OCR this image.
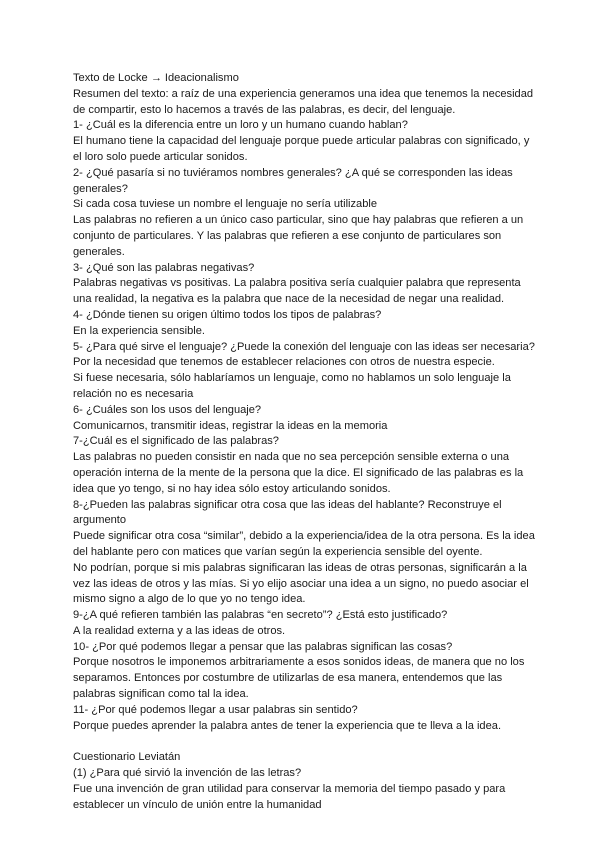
Texto de Locke → Ideacionalismo

Resumen del texto: a raíz de una experiencia generamos una idea que tenemos la necesidad de compartir, esto lo hacemos a través de las palabras, es decir, del lenguaje.

1- ¿Cuál es la diferencia entre un loro y un humano cuando hablan?

El humano tiene la capacidad del lenguaje porque puede articular palabras con significado, y el loro solo puede articular sonidos.

2- ¿Qué pasaría si no tuviéramos nombres generales? ¿A qué se corresponden las ideas generales?

Si cada cosa tuviese un nombre el lenguaje no sería utilizable

Las palabras no refieren a un único caso particular, sino que hay palabras que refieren a un conjunto de particulares. Y las palabras que refieren a ese conjunto de particulares son generales.

3- ¿Qué son las palabras negativas?

Palabras negativas vs positivas. La palabra positiva sería cualquier palabra que representa una realidad, la negativa es la palabra que nace de la necesidad de negar una realidad.

4- ¿Dónde tienen su origen último todos los tipos de palabras?

En la experiencia sensible.

5- ¿Para qué sirve el lenguaje? ¿Puede la conexión del lenguaje con las ideas ser necesaria?

Por la necesidad que tenemos de establecer relaciones con otros de nuestra especie.

Si fuese necesaria, sólo hablaríamos un lenguaje, como no hablamos un solo lenguaje la relación no es necesaria

6- ¿Cuáles son los usos del lenguaje?

Comunicarnos, transmitir ideas, registrar la ideas en la memoria

7-¿Cuál es el significado de las palabras?

Las palabras no pueden consistir en nada que no sea percepción sensible externa o una operación interna de la mente de la persona que la dice. El significado de las palabras es la idea que yo tengo, si no hay idea sólo estoy articulando sonidos.

8-¿Pueden las palabras significar otra cosa que las ideas del hablante? Reconstruye el argumento

Puede significar otra cosa “similar”, debido a la experiencia/idea de la otra persona. Es la idea del hablante pero con matices que varían según la experiencia sensible del oyente.

No podrían, porque si mis palabras significaran las ideas de otras personas, significarán a la vez las ideas de otros y las mías. Si yo elijo asociar una idea a un signo, no puedo asociar el mismo signo a algo de lo que yo no tengo idea.

9-¿A qué refieren también las palabras “en secreto”? ¿Está esto justificado?

A la realidad externa y a las ideas de otros.

10- ¿Por qué podemos llegar a pensar que las palabras significan las cosas?

Porque nosotros le imponemos arbitrariamente a esos sonidos ideas, de manera que no los separamos. Entonces por costumbre de utilizarlas de esa manera, entendemos que las palabras significan como tal la idea.

11- ¿Por qué podemos llegar a usar palabras sin sentido?

Porque puedes aprender la palabra antes de tener la experiencia que te lleva a la idea.

Cuestionario Leviatán

(1) ¿Para qué sirvió la invención de las letras?

Fue una invención de gran utilidad para conservar la memoria del tiempo pasado y para establecer un vínculo de unión entre la humanidad
